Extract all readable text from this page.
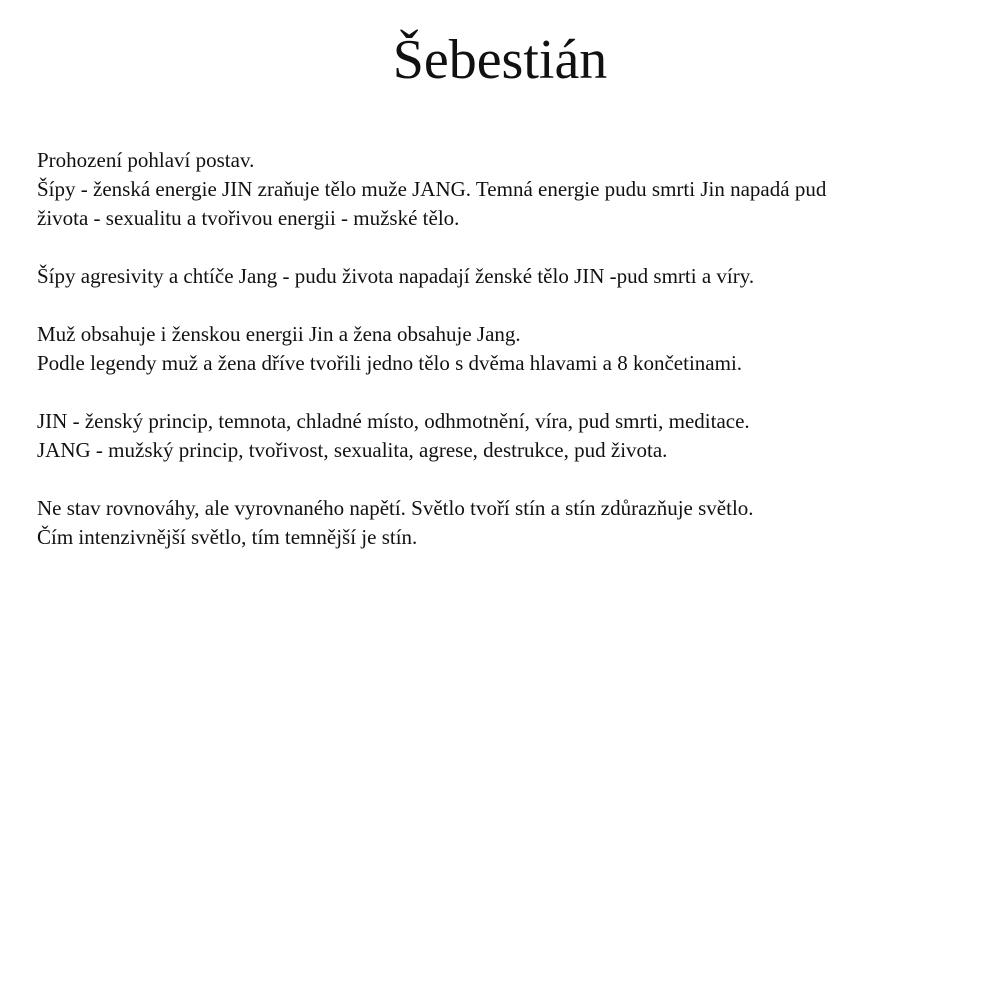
Šebestián
Prohození pohlaví postav.
Šípy - ženská energie JIN zraňuje tělo muže JANG. Temná energie pudu smrti Jin napadá pud
života - sexualitu a tvořivou energii - mužské tělo.
Šípy agresivity a chtíče Jang - pudu života napadají ženské tělo JIN -pud smrti a víry.
Muž obsahuje i ženskou energii Jin a žena obsahuje Jang.
Podle legendy muž a žena dříve tvořili jedno tělo s dvěma hlavami a 8 končetinami.
JIN - ženský princip, temnota, chladné místo, odhmotnění, víra, pud smrti, meditace.
JANG - mužský princip, tvořivost, sexualita, agrese, destrukce, pud života.
Ne stav rovnováhy, ale vyrovnaného napětí. Světlo tvoří stín a stín zdůrazňuje světlo.
Čím intenzivnější světlo, tím temnější je stín.
